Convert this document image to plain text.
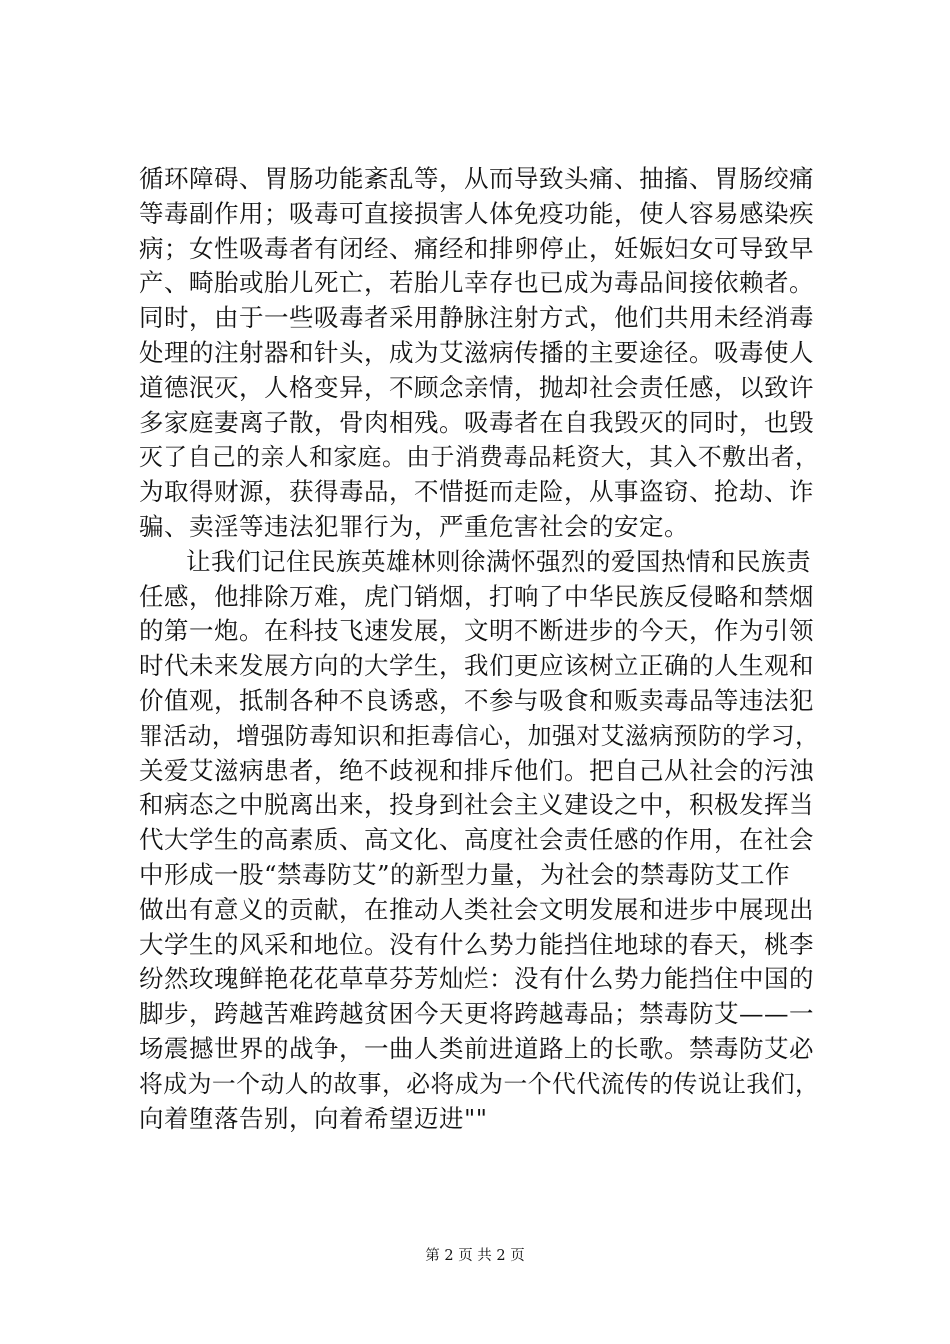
循环障碍、胃肠功能紊乱等，从而导致头痛、抽搐、胃肠绞痛
等毒副作用；吸毒可直接损害人体免疫功能，使人容易感染疾
病；女性吸毒者有闭经、痛经和排卵停止，妊娠妇女可导致早
产、畸胎或胎儿死亡，若胎儿幸存也已成为毒品间接依赖者。
同时，由于一些吸毒者采用静脉注射方式，他们共用未经消毒
处理的注射器和针头，成为艾滋病传播的主要途径。吸毒使人
道德泯灭，人格变异，不顾念亲情，抛却社会责任感，以致许
多家庭妻离子散，骨肉相残。吸毒者在自我毁灭的同时，也毁
灭了自己的亲人和家庭。由于消费毒品耗资大，其入不敷出者，
为取得财源，获得毒品，不惜挺而走险，从事盗窃、抢劫、诈
骗、卖淫等违法犯罪行为，严重危害社会的安定。
让我们记住民族英雄林则徐满怀强烈的爱国热情和民族责
任感，他排除万难，虎门销烟，打响了中华民族反侵略和禁烟
的第一炮。在科技飞速发展，文明不断进步的今天，作为引领
时代未来发展方向的大学生，我们更应该树立正确的人生观和
价值观，抵制各种不良诱惑，不参与吸食和贩卖毒品等违法犯
罪活动，增强防毒知识和拒毒信心，加强对艾滋病预防的学习，
关爱艾滋病患者，绝不歧视和排斥他们。把自己从社会的污浊
和病态之中脱离出来，投身到社会主义建设之中，积极发挥当
代大学生的高素质、高文化、高度社会责任感的作用，在社会
中形成一股“禁毒防艾”的新型力量，为社会的禁毒防艾工作
做出有意义的贡献，在推动人类社会文明发展和进步中展现出
大学生的风采和地位。没有什么势力能挡住地球的春天，桃李
纷然玫瑰鲜艳花花草草芬芳灿烂：没有什么势力能挡住中国的
脚步，跨越苦难跨越贫困今天更将跨越毒品；禁毒防艾——一
场震撼世界的战争，一曲人类前进道路上的长歌。禁毒防艾必
将成为一个动人的故事，必将成为一个代代流传的传说让我们，
向着堕落告别，向着希望迈进""
第 2 页 共 2 页
